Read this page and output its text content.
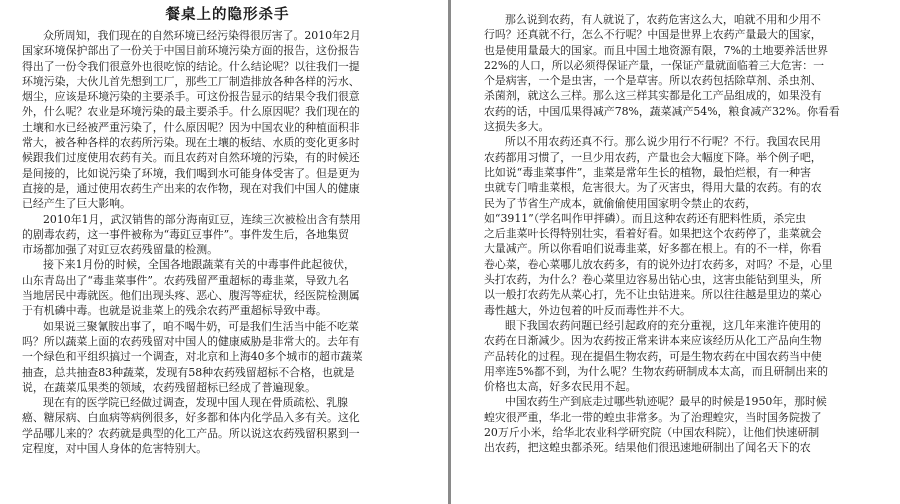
餐桌上的隐形杀手
众所周知，我们现在的自然环境已经污染得很厉害了。2010年2月
国家环境保护部出了一份关于中国目前环境污染方面的报告，这份报告
得出了一份令我们很意外也很吃惊的结论。什么结论呢？以往我们一提
环境污染，大伙儿首先想到工厂，那些工厂制造排放各种各样的污水、
烟尘，应该是环境污染的主要杀手。可这份报告显示的结果令我们很意
外，什么呢？农业是环境污染的最主要杀手。什么原因呢？我们现在的
土壤和水已经被严重污染了，什么原因呢？因为中国农业的种植面积非
常大，被各种各样的农药所污染。现在土壤的板结、水质的变化更多时
候跟我们过度使用农药有关。而且农药对自然环境的污染，有的时候还
是间接的，比如说污染了环境，我们喝到水可能身体受害了。但是更为
直接的是，通过使用农药生产出来的农作物，现在对我们中国人的健康
已经产生了巨大影响。
2010年1月，武汉销售的部分海南豇豆，连续三次被检出含有禁用
的剧毒农药，这一事件被称为“毒豇豆事件”。事件发生后，各地集贸
市场都加强了对豇豆农药残留量的检测。
接下来1月份的时候，全国各地跟蔬菜有关的中毒事件此起彼伏，
山东青岛出了“毒韭菜事件”。农药残留严重超标的毒韭菜，导致九名
当地居民中毒就医。他们出现头疼、恶心、腹泻等症状，经医院检测属
于有机磷中毒。也就是说韭菜上的残余农药严重超标导致中毒。
如果说三聚氰胺出事了，咱不喝牛奶，可是我们生活当中能不吃菜
吗？所以蔬菜上面的农药残留对中国人的健康威胁是非常大的。去年有
一个绿色和平组织搞过一个调查，对北京和上海40多个城市的超市蔬菜
抽查，总共抽查83种蔬菜，发现有58种农药残留超标不合格，也就是
说，在蔬菜瓜果类的领域，农药残留超标已经成了普遍现象。
现在有的医学院已经做过调查，发现中国人现在骨质疏松、乳腺
癌、糖尿病、白血病等病例很多，好多都和体内化学品入多有关。这化
学品哪儿来的？农药就是典型的化工产品。所以说这农药残留积累到一
定程度，对中国人身体的危害特别大。
那么说到农药，有人就说了，农药危害这么大，咱就不用和少用不
行吗？还真就不行，怎么不行呢？中国是世界上农药产量最大的国家，
也是使用量最大的国家。而且中国土地资源有限，7%的土地要养活世界
22%的人口，所以必须得保证产量，一保证产量就面临着三大危害：一
个是病害，一个是虫害，一个是草害。所以农药包括除草剂、杀虫剂、
杀菌剂，就这么三样。那么这三样其实都是化工产品组成的，如果没有
农药的话，中国瓜果得减产78%，蔬菜减产54%，粮食减产32%。你看看
这损失多大。
所以不用农药还真不行。那么说少用行不行呢？不行。我国农民用
农药都用习惯了，一旦少用农药，产量也会大幅度下降。举个例子吧，
比如说“毒韭菜事件”，韭菜是常年生长的植物，最怕烂根，有一种害
虫就专门啃韭菜根，危害很大。为了灭害虫，得用大量的农药。有的农
民为了节省生产成本，就偷偷使用国家明令禁止的农药，
如“3911”（学名叫作甲拌磷）。而且这种农药还有肥料性质，杀完虫
之后韭菜叶长得特别壮实，看着好看。如果把这个农药停了，韭菜就会
大量减产。所以你看咱们说毒韭菜，好多都在根上。有的不一样，你看
卷心菜，卷心菜哪儿放农药多，有的说外边打农药多，对吗？不是，心里
头打农药，为什么？卷心菜里边容易出钻心虫，这害虫能钻到里头，所
以一般打农药先从菜心打，先不让虫钻进来。所以往往越是里边的菜心
毒性越大，外边包着的叶反而毒性并不大。
眼下我国农药问题已经引起政府的充分重视，这几年来淮许使用的
农药在日渐减少。因为农药按正常来讲本来应该经历从化工产品向生物
产品转化的过程。现在提倡生物农药，可是生物农药在中国农药当中使
用率连5%都不到，为什么呢？生物农药研制成本太高，而且研制出来的
价格也太高，好多农民用不起。
中国农药生产到底走过哪些轨迹呢？最早的时候是1950年，那时候
蝗灾很严重，华北一带的蝗虫非常多。为了治理蝗灾，当时国务院拨了
20万斤小米，给华北农业科学研究院（中国农科院），让他们快速研制
出农药，把这蝗虫都杀死。结果他们很迅速地研制出了闻名天下的农
